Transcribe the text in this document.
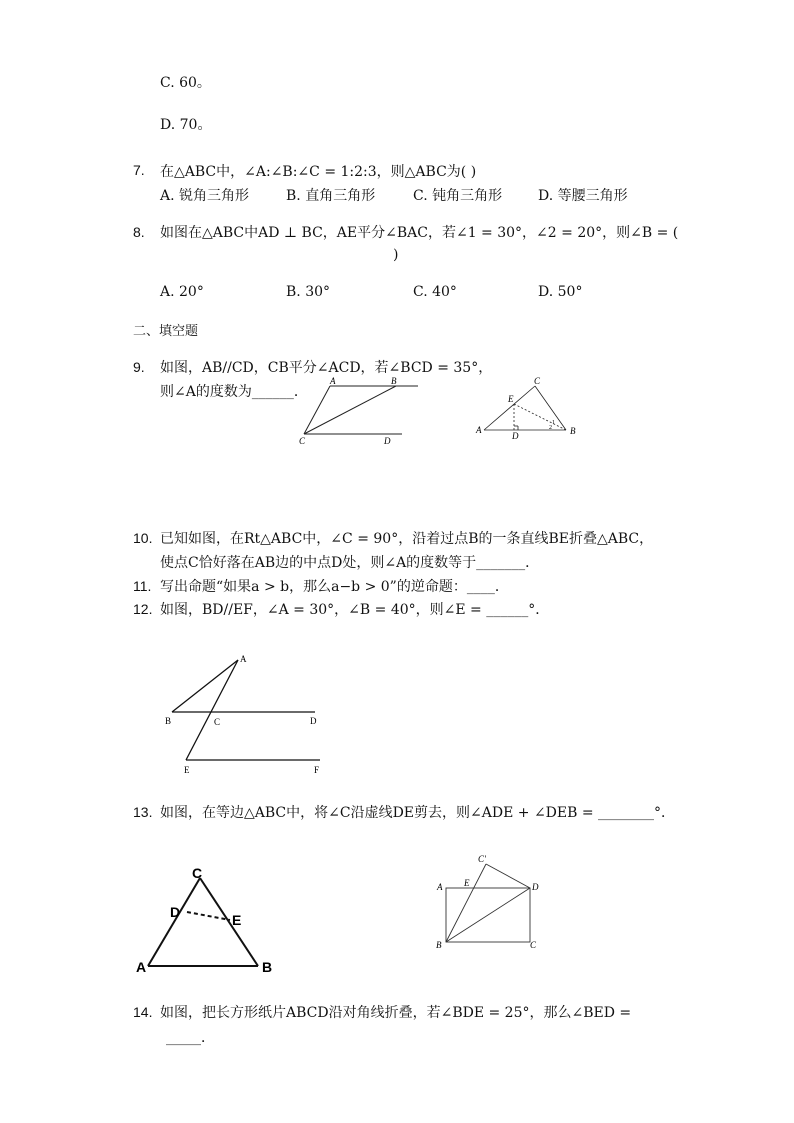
C. 60。
D. 70。
7. 在△ABC中，∠A:∠B:∠C = 1:2:3，则△ABC为( )
A. 锐角三角形	B. 直角三角形	C. 钝角三角形	D. 等腰三角形
8. 如图在△ABC中AD ⊥ BC，AE平分∠BAC，若∠1 = 30°，∠2 = 20°，则∠B = (
)
A. 20°	B. 30°	C. 40°	D. 50°
二、填空题
9. 如图，AB//CD，CB平分∠ACD，若∠BCD = 35°，
则∠A的度数为______．
A	B
C	D
A	B
C
D
E
1
2
10. 已知如图，在Rt△ABC中，∠C = 90°，沿着过点B的一条直线BE折叠△ABC，
使点C恰好落在AB边的中点D处，则∠A的度数等于_______．
11. 写出命题“如果a > b，那么a−b > 0”的逆命题：____．
12. 如图，BD//EF，∠A = 30°，∠B = 40°，则∠E = ______°．
A
B	C	D
E	F
13. 如图，在等边△ABC中，将∠C沿虚线DE剪去，则∠ADE + ∠DEB = ________°．
C
D	E
A	B
A E	D
C'
B	C
14. 如图，把长方形纸片ABCD沿对角线折叠，若∠BDE = 25°，那么∠BED =
_____．
